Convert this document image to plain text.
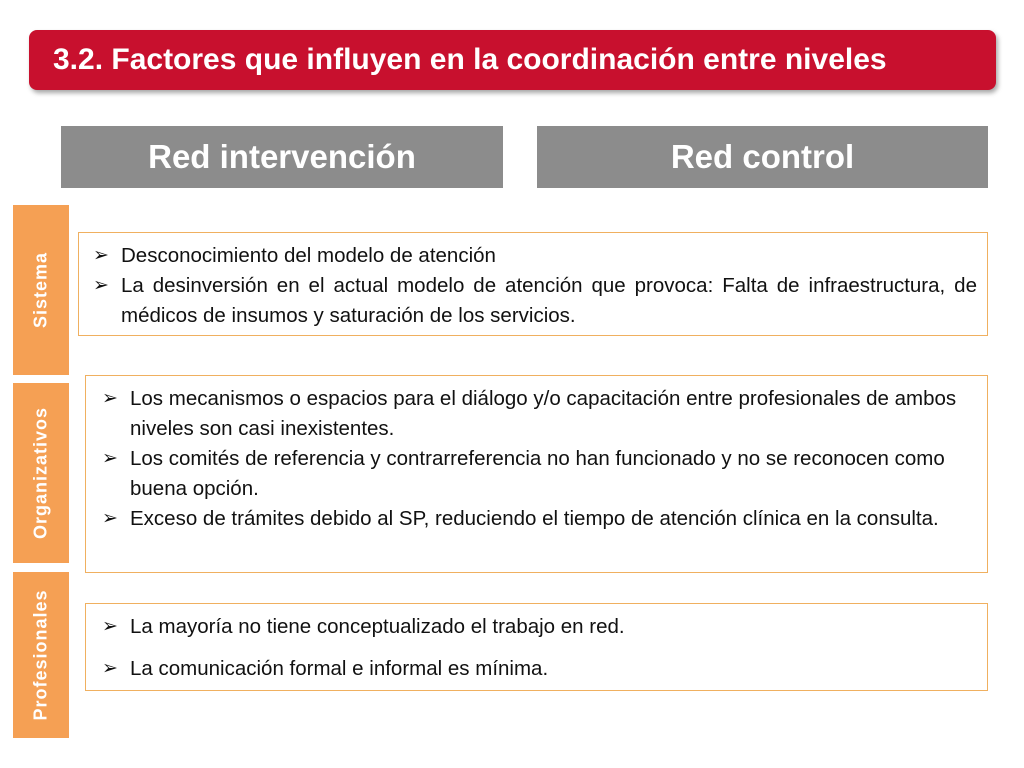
3.2. Factores que influyen en la coordinación entre niveles
Red intervención	Red control
Sistema ➢ Desconocimiento del modelo de atención
➢ La desinversión en el actual modelo de atención que provoca: Falta de infraestructura, de médicos de insumos y saturación de los servicios.
Organizativos
➢ Los mecanismos o espacios para el diálogo y/o capacitación entre profesionales de ambos niveles son casi inexistentes.
➢ Los comités de referencia y contrarreferencia no han funcionado y no se reconocen como buena opción.
➢ Exceso de trámites debido al SP, reduciendo el tiempo de atención clínica en la consulta.
Profesionales	➢ La mayoría no tiene conceptualizado el trabajo en red.
➢ La comunicación formal e informal es mínima.
